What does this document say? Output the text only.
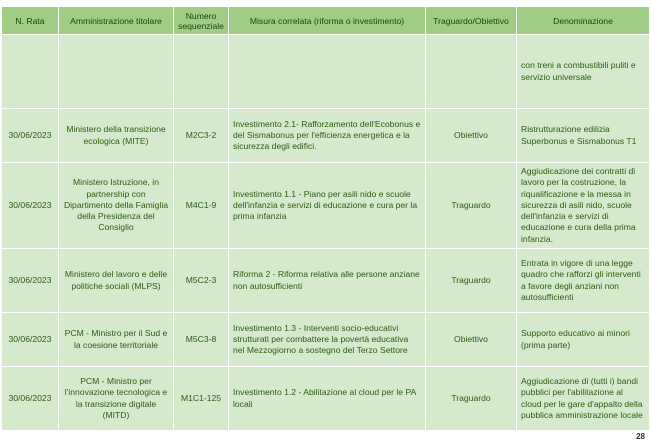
N. Rata	Amministrazione titolare	Numero sequenziale	Misura correlata (riforma o investimento)	Traguardo/Obiettivo	Denominazione
					con treni a combustibili puliti e servizio universale
30/06/2023	Ministero della transizione ecologica (MITE)	M2C3-2	Investimento 2.1- Rafforzamento dell'Ecobonus e del Sismabonus per l'efficienza energetica e la sicurezza degli edifici.	Obiettivo	Ristrutturazione edilizia Superbonus e Sismabonus T1
30/06/2023	Ministero Istruzione, in partnership con Dipartimento della Famiglia della Presidenza del Consiglio	M4C1-9	Investimento 1.1 - Piano per asili nido e scuole dell'infanzia e servizi di educazione e cura per la prima infanzia	Traguardo	Aggiudicazione dei contratti di lavoro per la costruzione, la riqualificazione e la messa in sicurezza di asili nido, scuole dell'infanzia e servizi di educazione e cura della prima infanzia.
30/06/2023	Ministero del lavoro e delle politiche sociali (MLPS)	M5C2-3	Riforma 2 - Riforma relativa alle persone anziane non autosufficienti	Traguardo	Entrata in vigore di una legge quadro che rafforzi gli interventi a favore degli anziani non autosufficienti
30/06/2023	PCM - Ministro per il Sud e la coesione territoriale	M5C3-8	Investimento 1.3 - Interventi socio-educativi strutturati per combattere la povertà educativa nel Mezzogiorno a sostegno del Terzo Settore	Obiettivo	Supporto educativo ai minori (prima parte)
30/06/2023	PCM - Ministro per l'innovazione tecnologica e la transizione digitale (MITD)	M1C1-125	Investimento 1.2 - Abilitazione al cloud per le PA locali	Traguardo	Aggiudicazione di (tutti i) bandi pubblici per l'abilitazione al cloud per le gare d'appalto della pubblica amministrazione locale
28
